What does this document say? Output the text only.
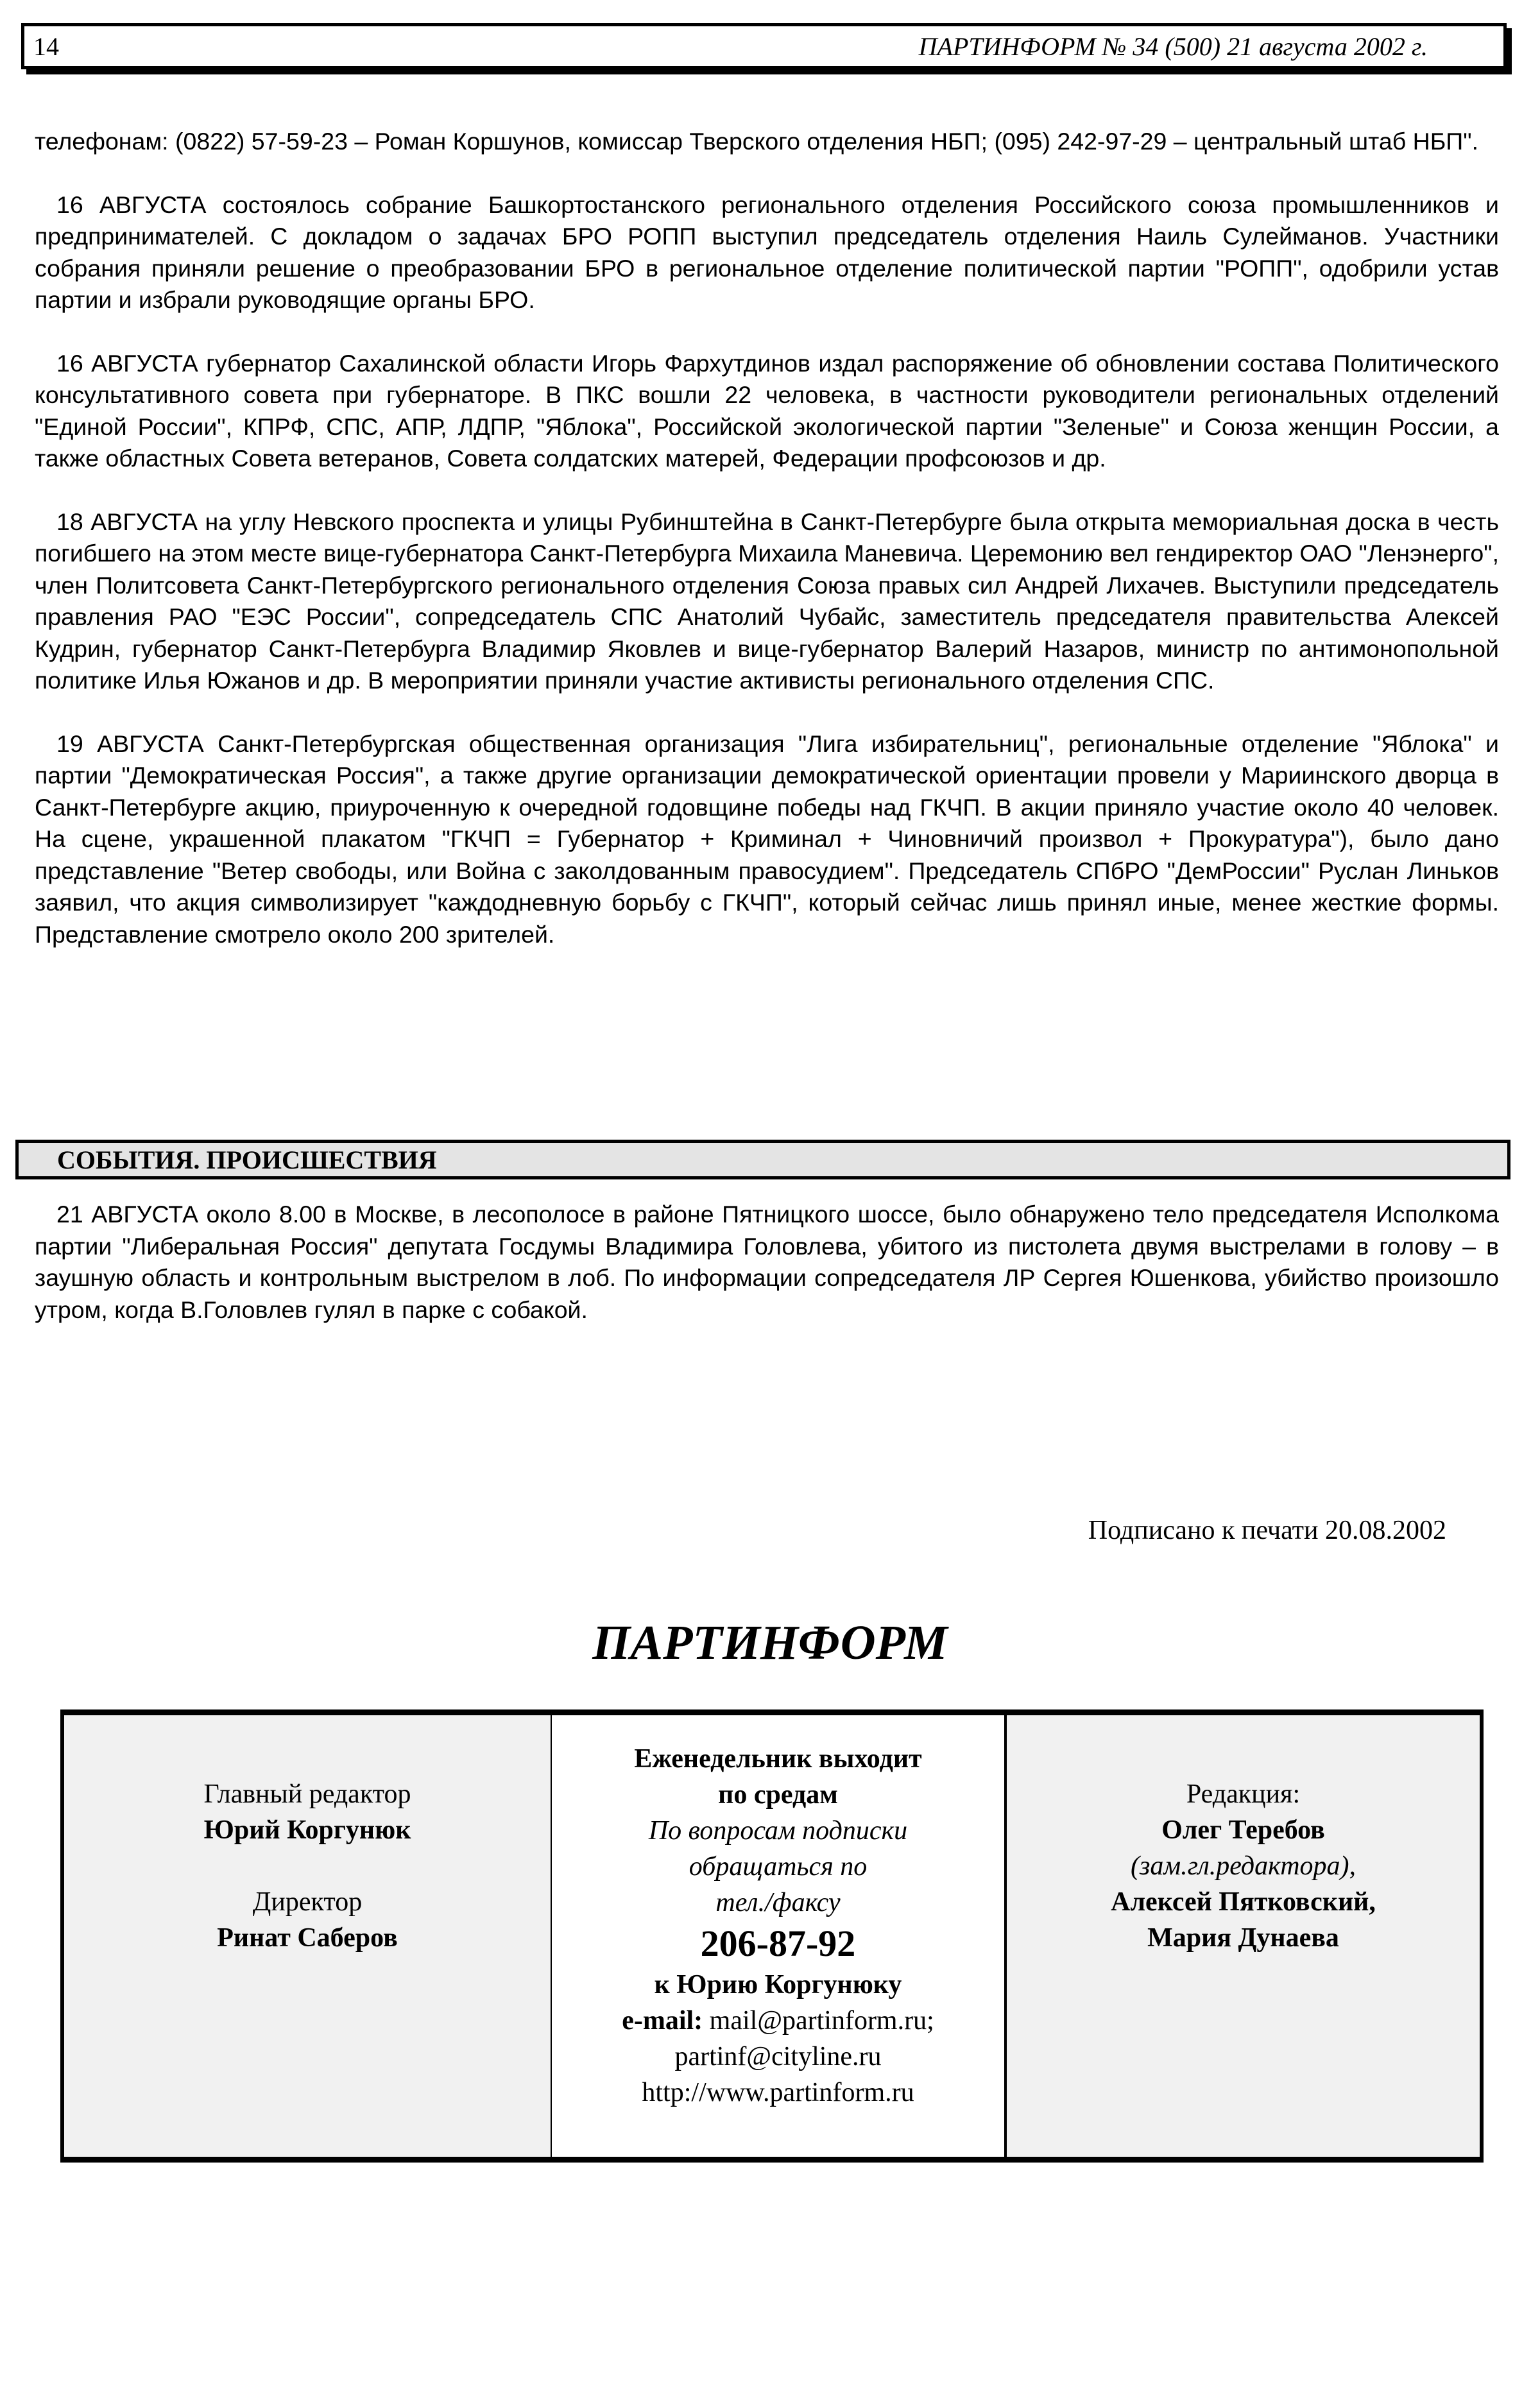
14	ПАРТИНФОРМ № 34 (500) 21 августа 2002 г.

телефонам: (0822) 57-59-23 – Роман Коршунов, комиссар Тверского отделения НБП; (095) 242-97-29 – центральный штаб НБП".

16 АВГУСТА состоялось собрание Башкортостанского регионального отделения Российского союза промышленников и предпринимателей. С докладом о задачах БРО РОПП выступил председатель отделения Наиль Сулейманов. Участники собрания приняли решение о преобразовании БРО в региональное отделение политической партии "РОПП", одобрили устав партии и избрали руководящие органы БРО.

16 АВГУСТА губернатор Сахалинской области Игорь Фархутдинов издал распоряжение об обновлении состава Политического консультативного совета при губернаторе. В ПКС вошли 22 человека, в частности руководители региональных отделений "Единой России", КПРФ, СПС, АПР, ЛДПР, "Яблока", Российской экологической партии "Зеленые" и Союза женщин России, а также областных Совета ветеранов, Совета солдатских матерей, Федерации профсоюзов и др.

18 АВГУСТА на углу Невского проспекта и улицы Рубинштейна в Санкт-Петербурге была открыта мемориальная доска в честь погибшего на этом месте вице-губернатора Санкт-Петербурга Михаила Маневича. Церемонию вел гендиректор ОАО "Ленэнерго", член Политсовета Санкт-Петербургского регионального отделения Союза правых сил Андрей Лихачев. Выступили председатель правления РАО "ЕЭС России", сопредседатель СПС Анатолий Чубайс, заместитель председателя правительства Алексей Кудрин, губернатор Санкт-Петербурга Владимир Яковлев и вице-губернатор Валерий Назаров, министр по антимонопольной политике Илья Южанов и др. В мероприятии приняли участие активисты регионального отделения СПС.

19 АВГУСТА Санкт-Петербургская общественная организация "Лига избирательниц", региональные отделение "Яблока" и партии "Демократическая Россия", а также другие организации демократической ориентации провели у Мариинского дворца в Санкт-Петербурге акцию, приуроченную к очередной годовщине победы над ГКЧП. В акции приняло участие около 40 человек. На сцене, украшенной плакатом "ГКЧП = Губернатор + Криминал + Чиновничий произвол + Прокуратура"), было дано представление "Ветер свободы, или Война с заколдованным правосудием". Председатель СПбРО "ДемРоссии" Руслан Линьков заявил, что акция символизирует "каждодневную борьбу с ГКЧП", который сейчас лишь принял иные, менее жесткие формы. Представление смотрело около 200 зрителей.

СОБЫТИЯ. ПРОИСШЕСТВИЯ

21 АВГУСТА около 8.00 в Москве, в лесополосе в районе Пятницкого шоссе, было обнаружено тело председателя Исполкома партии "Либеральная Россия" депутата Госдумы Владимира Головлева, убитого из пистолета двумя выстрелами в голову – в заушную область и контрольным выстрелом в лоб. По информации сопредседателя ЛР Сергея Юшенкова, убийство произошло утром, когда В.Головлев гулял в парке с собакой.

Подписано к печати 20.08.2002
ПАРТИНФОРМ
Главный редактор
Юрий Коргунюк
Директор
Ринат Саберов
Еженедельник выходит
по средам
По вопросам подписки
обращаться по
тел./факсу
206-87-92
к Юрию Коргунюку
e-mail: mail@partinform.ru;
partinf@cityline.ru
http://www.partinform.ru
Редакция:
Олег Теребов
(зам.гл.редактора),
Алексей Пятковский,
Мария Дунаева
